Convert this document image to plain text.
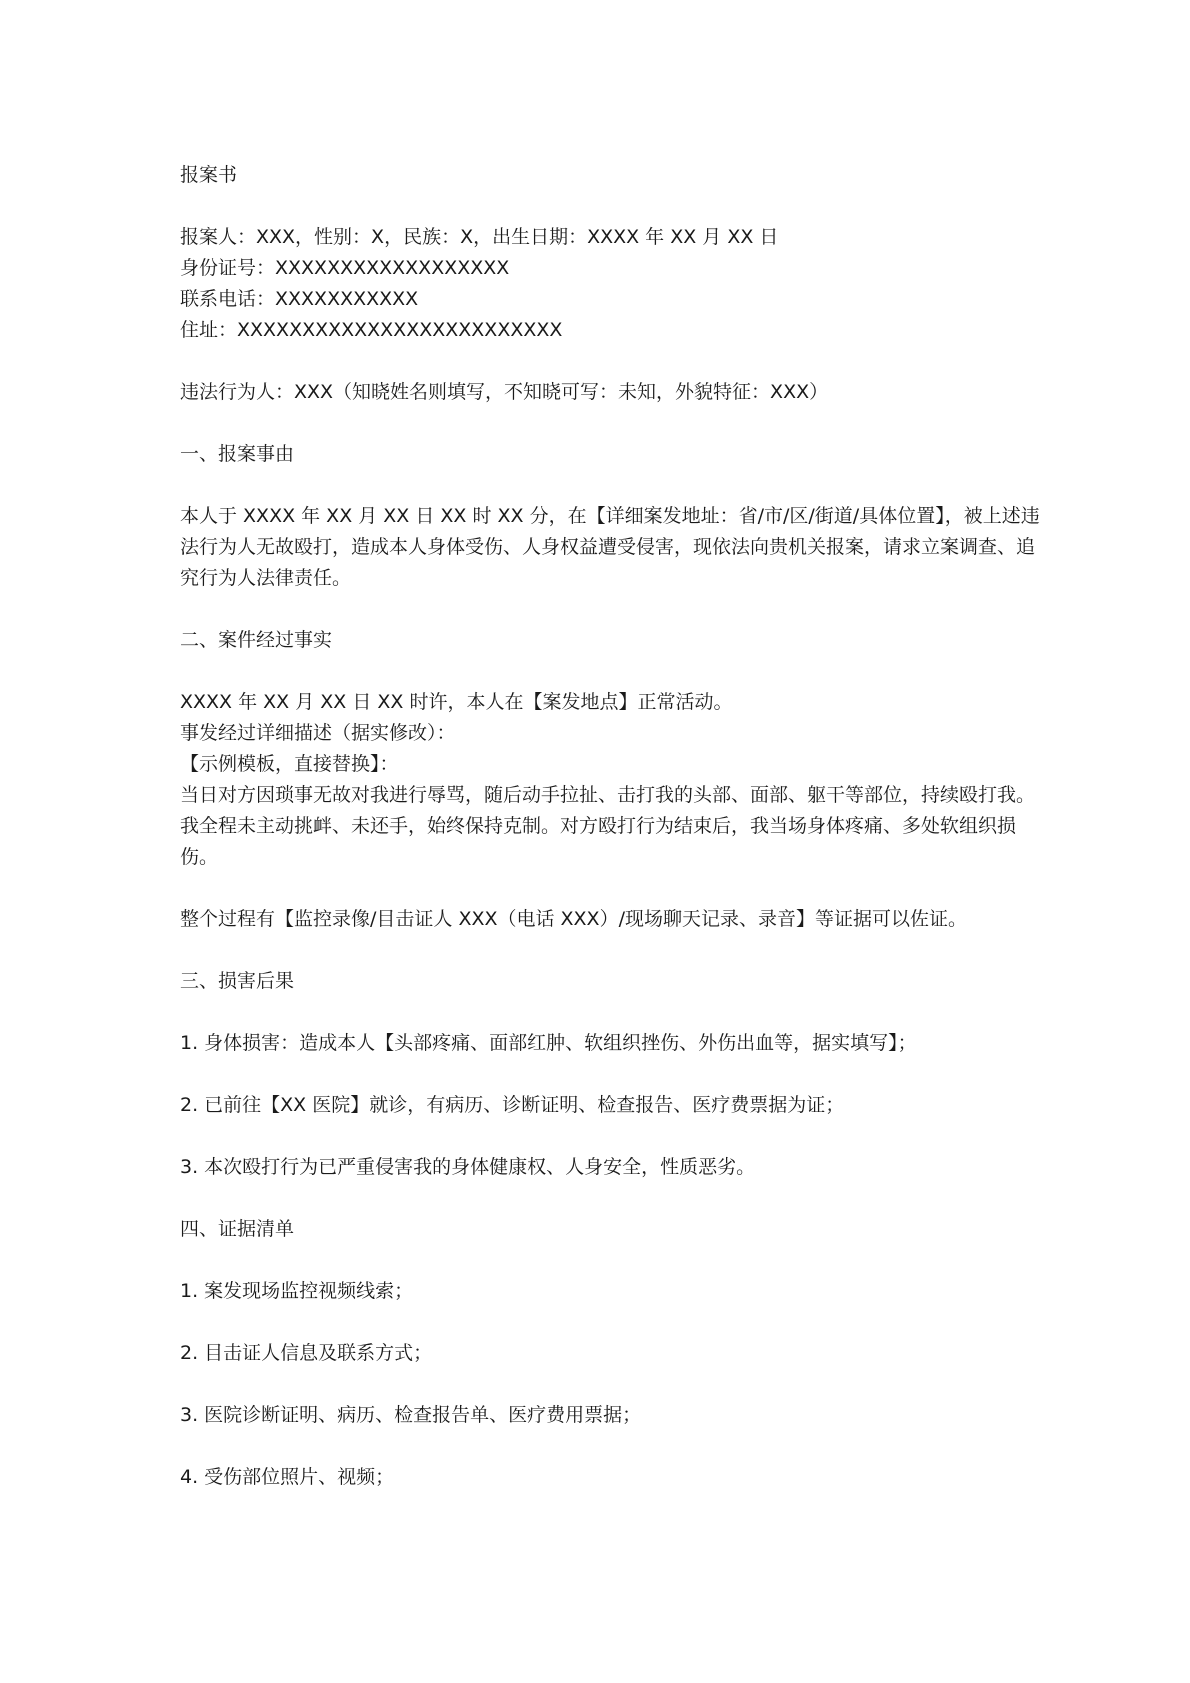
报案书
报案人：XXX，性别：X，民族：X，出生日期：XXXX 年 XX 月 XX 日
身份证号：XXXXXXXXXXXXXXXXXX
联系电话：XXXXXXXXXXX
住址：XXXXXXXXXXXXXXXXXXXXXXXXX
违法行为人：XXX（知晓姓名则填写，不知晓可写：未知，外貌特征：XXX）
一、报案事由
本人于 XXXX 年 XX 月 XX 日 XX 时 XX 分，在【详细案发地址：省/市/区/街道/具体位置】，被上述违法行为人无故殴打，造成本人身体受伤、人身权益遭受侵害，现依法向贵机关报案，请求立案调查、追究行为人法律责任。
二、案件经过事实
XXXX 年 XX 月 XX 日 XX 时许，本人在【案发地点】正常活动。
事发经过详细描述（据实修改）：
【示例模板，直接替换】：
当日对方因琐事无故对我进行辱骂，随后动手拉扯、击打我的头部、面部、躯干等部位，持续殴打我。我全程未主动挑衅、未还手，始终保持克制。对方殴打行为结束后，我当场身体疼痛、多处软组织损伤。
整个过程有【监控录像/目击证人 XXX（电话 XXX）/现场聊天记录、录音】等证据可以佐证。
三、损害后果
1. 身体损害：造成本人【头部疼痛、面部红肿、软组织挫伤、外伤出血等，据实填写】；
2. 已前往【XX 医院】就诊，有病历、诊断证明、检查报告、医疗费票据为证；
3. 本次殴打行为已严重侵害我的身体健康权、人身安全，性质恶劣。
四、证据清单
1. 案发现场监控视频线索；
2. 目击证人信息及联系方式；
3. 医院诊断证明、病历、检查报告单、医疗费用票据；
4. 受伤部位照片、视频；
